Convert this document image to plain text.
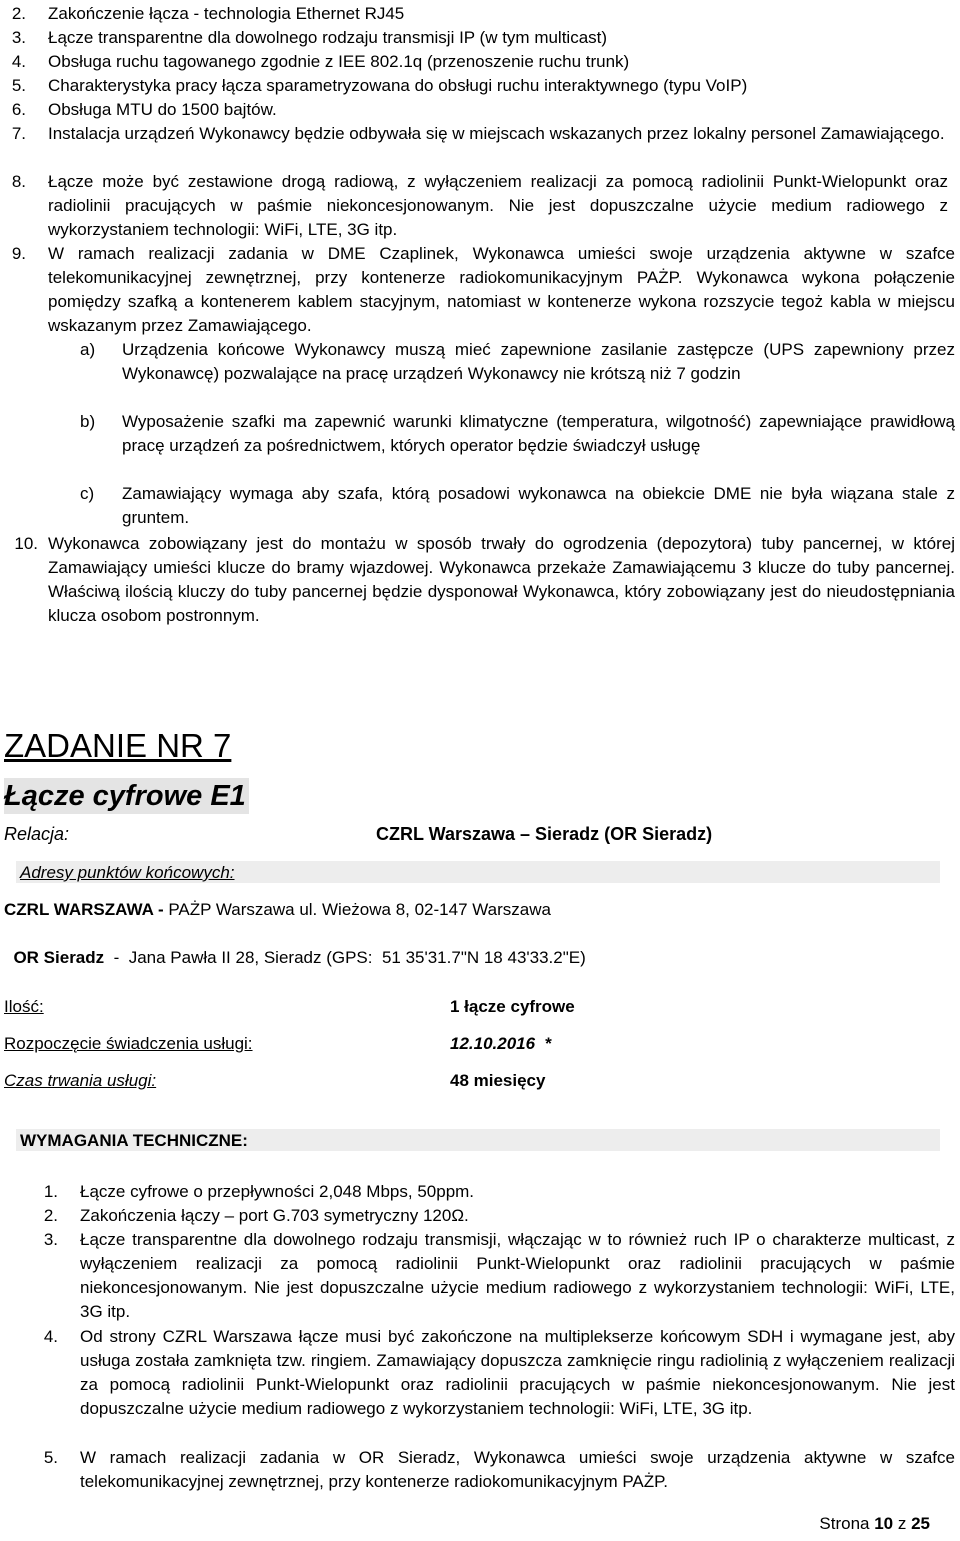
2. Zakończenie łącza - technologia Ethernet RJ45
3. Łącze transparentne dla dowolnego rodzaju transmisji IP (w tym multicast)
4. Obsługa ruchu tagowanego zgodnie z IEE 802.1q (przenoszenie ruchu trunk)
5. Charakterystyka pracy łącza sparametryzowana do obsługi ruchu interaktywnego (typu VoIP)
6. Obsługa MTU do 1500 bajtów.
7. Instalacja urządzeń Wykonawcy będzie odbywała się w miejscach wskazanych przez lokalny personel Zamawiającego.
8. Łącze może być zestawione drogą radiową, z wyłączeniem realizacji za pomocą radiolinii Punkt-Wielopunkt oraz radiolinii pracujących w paśmie niekoncesjonowanym. Nie jest dopuszczalne użycie medium radiowego z wykorzystaniem technologii: WiFi, LTE, 3G itp.
9. W ramach realizacji zadania w DME Czaplinek, Wykonawca umieści swoje urządzenia aktywne w szafce telekomunikacyjnej zewnętrznej, przy kontenerze radiokomunikacyjnym PAŻP. Wykonawca wykona połączenie pomiędzy szafką a kontenerem kablem stacyjnym, natomiast w kontenerze wykona rozszycie tegoż kabla w miejscu wskazanym przez Zamawiającego.
a) Urządzenia końcowe Wykonawcy muszą mieć zapewnione zasilanie zastępcze (UPS zapewniony przez Wykonawcę) pozwalające na pracę urządzeń Wykonawcy nie krótszą niż 7 godzin
b) Wyposażenie szafki ma zapewnić warunki klimatyczne (temperatura, wilgotność) zapewniające prawidłową pracę urządzeń za pośrednictwem, których operator będzie świadczył usługę
c) Zamawiający wymaga aby szafa, którą posadowi wykonawca na obiekcie DME nie była wiązana stale z gruntem.
10. Wykonawca zobowiązany jest do montażu w sposób trwały do ogrodzenia (depozytora) tuby pancernej, w której Zamawiający umieści klucze do bramy wjazdowej. Wykonawca przekaże Zamawiającemu 3 klucze do tuby pancernej. Właściwą ilością kluczy do tuby pancernej będzie dysponował Wykonawca, który zobowiązany jest do nieudostępniania klucza osobom postronnym.
ZADANIE NR 7
Łącze cyfrowe E1
Relacja:	CZRL Warszawa – Sieradz (OR Sieradz)
Adresy punktów końcowych:
CZRL WARSZAWA - PAŻP Warszawa ul. Wieżowa 8, 02-147 Warszawa

OR Sieradz  -  Jana Pawła II 28, Sieradz (GPS:  51 35'31.7"N 18 43'33.2"E)

Ilość:	1 łącze cyfrowe
Rozpoczęcie świadczenia usługi:	12.10.2016  *
Czas trwania usługi:	48 miesięcy
WYMAGANIA TECHNICZNE:
1. Łącze cyfrowe o przepływności 2,048 Mbps, 50ppm.
2. Zakończenia łączy – port G.703 symetryczny 120Ω.
3. Łącze transparentne dla dowolnego rodzaju transmisji, włączając w to również ruch IP o charakterze multicast, z wyłączeniem realizacji za pomocą radiolinii Punkt-Wielopunkt oraz radiolinii pracujących w paśmie niekoncesjonowanym. Nie jest dopuszczalne użycie medium radiowego z wykorzystaniem technologii: WiFi, LTE, 3G itp.
4. Od strony CZRL Warszawa łącze musi być zakończone na multiplekserze końcowym SDH i wymagane jest, aby usługa została zamknięta tzw. ringiem. Zamawiający dopuszcza zamknięcie ringu radiolinią z wyłączeniem realizacji za pomocą radiolinii Punkt-Wielopunkt oraz radiolinii pracujących w paśmie niekoncesjonowanym. Nie jest dopuszczalne użycie medium radiowego z wykorzystaniem technologii: WiFi, LTE, 3G itp.
5. W ramach realizacji zadania w OR Sieradz, Wykonawca umieści swoje urządzenia aktywne w szafce telekomunikacyjnej zewnętrznej, przy kontenerze radiokomunikacyjnym PAŻP.
Strona 10 z 25
